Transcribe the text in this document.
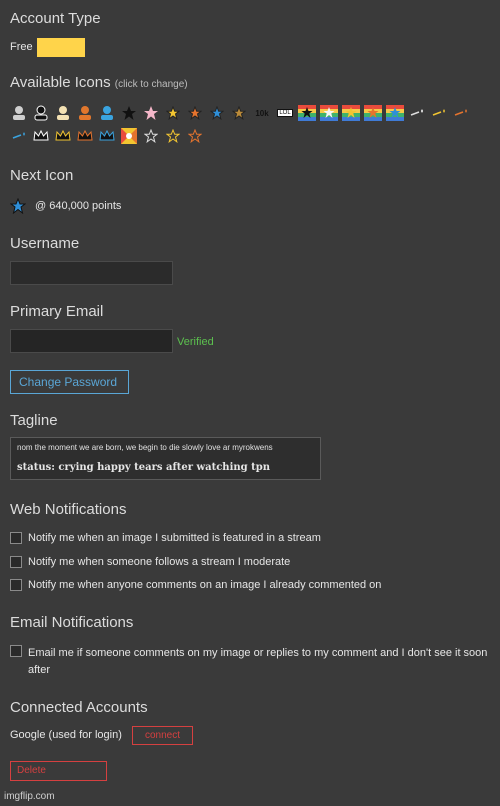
Account Type
Free
Available Icons (click to change)
10k	LOL
Next Icon
@ 640,000 points
Username
Primary Email
Verified
Change Password
Tagline
nom the moment we are born, we begin to die slowly love ar myrokwens
status: crying happy tears after watching tpn
Web Notifications
Notify me when an image I submitted is featured in a stream
Notify me when someone follows a stream I moderate
Notify me when anyone comments on an image I already commented on
Email Notifications
Email me if someone comments on my image or replies to my comment and I don't see it soon after
Connected Accounts
Google (used for login)	connect
Delete
imgflip.com
